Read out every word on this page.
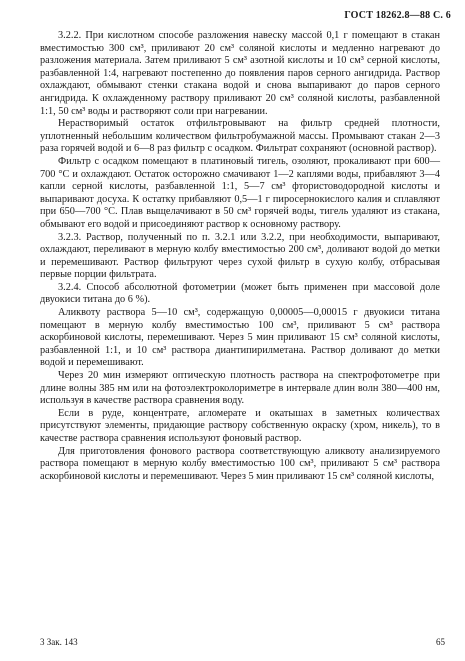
ГОСТ 18262.8—88 С. 6

3.2.2. При кислотном способе разложения навеску массой 0,1 г помещают в стакан вместимостью 300 см³, приливают 20 см³ соляной кислоты и медленно нагревают до разложения материала. Затем приливают 5 см³ азотной кислоты и 10 см³ серной кислоты, разбавленной 1:4, нагревают постепенно до появления паров серного ангидрида. Раствор охлаждают, обмывают стенки стакана водой и снова выпаривают до паров серного ангидрида. К охлажденному раствору приливают 20 см³ соляной кислоты, разбавленной 1:1, 50 см³ воды и растворяют соли при нагревании.

Нерастворимый остаток отфильтровывают на фильтр средней плотности, уплотненный небольшим количеством фильтробумажной массы. Промывают стакан 2—3 раза горячей водой и 6—8 раз фильтр с осадком. Фильтрат сохраняют (основной раствор).

Фильтр с осадком помещают в платиновый тигель, озоляют, прокаливают при 600—700 °С и охлаждают. Остаток осторожно смачивают 1—2 каплями воды, прибавляют 3—4 капли серной кислоты, разбавленной 1:1, 5—7 см³ фтористоводородной кислоты и выпаривают досуха. К остатку прибавляют 0,5—1 г пиросернокислого калия и сплавляют при 650—700 °С. Плав выщелачивают в 50 см³ горячей воды, тигель удаляют из стакана, обмывают его водой и присоединяют раствор к основному раствору.

3.2.3. Раствор, полученный по п. 3.2.1 или 3.2.2, при необходимости, выпаривают, охлаждают, переливают в мерную колбу вместимостью 200 см³, доливают водой до метки и перемешивают. Раствор фильтруют через сухой фильтр в сухую колбу, отбрасывая первые порции фильтрата.

3.2.4. Способ абсолютной фотометрии (может быть применен при массовой доле двуокиси титана до 6 %).

Аликвоту раствора 5—10 см³, содержащую 0,00005—0,00015 г двуокиси титана помещают в мерную колбу вместимостью 100 см³, приливают 5 см³ раствора аскорбиновой кислоты, перемешивают. Через 5 мин приливают 15 см³ соляной кислоты, разбавленной 1:1, и 10 см³ раствора диантипирилметана. Раствор доливают до метки водой и перемешивают.

Через 20 мин измеряют оптическую плотность раствора на спектрофотометре при длине волны 385 нм или на фотоэлектроколориметре в интервале длин волн 380—400 нм, используя в качестве раствора сравнения воду.

Если в руде, концентрате, агломерате и окатышах в заметных количествах присутствуют элементы, придающие раствору собственную окраску (хром, никель), то в качестве раствора сравнения используют фоновый раствор.

Для приготовления фонового раствора соответствующую аликвоту анализируемого раствора помещают в мерную колбу вместимостью 100 см³, приливают 5 см³ раствора аскорбиновой кислоты и перемешивают. Через 5 мин приливают 15 см³ соляной кислоты,

3 Зак. 143	65
